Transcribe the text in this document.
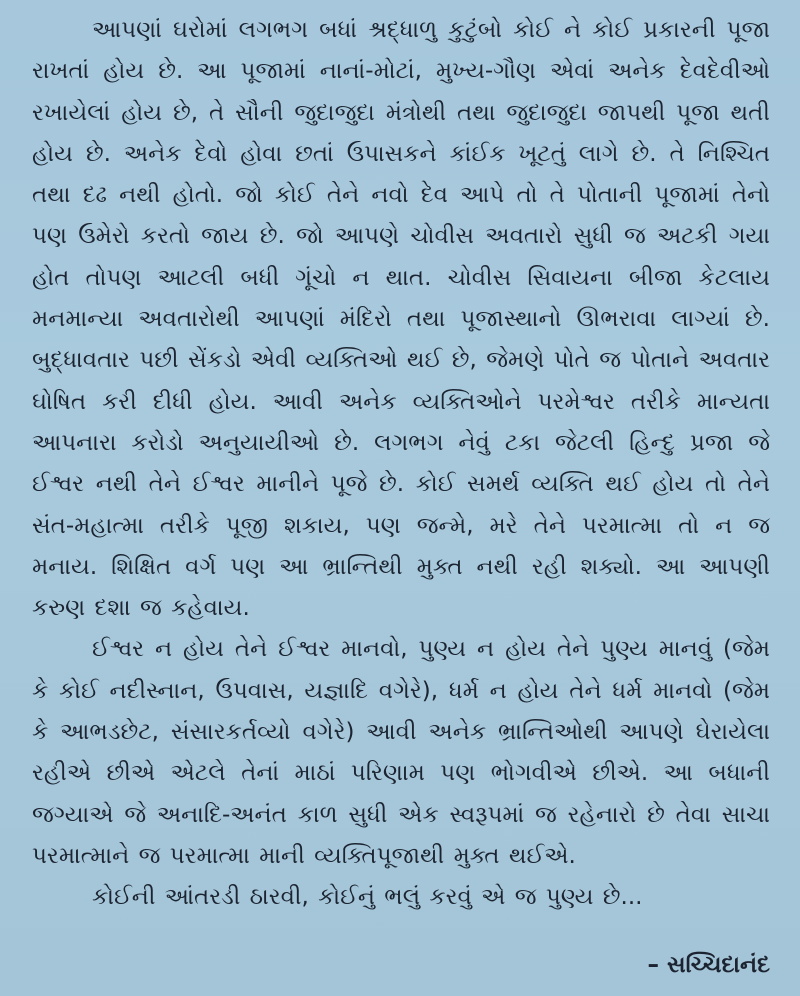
આપણાં ઘરોમાં લગભગ બધાં શ્રદ્ધાળુ કુટુંબો કોઈ ને કોઈ પ્રકારની પૂજા રાખતાં હોય છે. આ પૂજામાં નાનાં-મોટાં, મુખ્ય-ગૌણ એવાં અનેક દેવદેવીઓ રખાયેલાં હોય છે, તે સૌની જુદાજુદા મંત્રોથી તથા જુદાજુદા જાપથી પૂજા થતી હોય છે. અનેક દેવો હોવા છતાં ઉપાસકને કાંઈક ખૂટતું લાગે છે. તે નિશ્ચિત તથા દઢ નથી હોતો. જો કોઈ તેને નવો દેવ આપે તો તે પોતાની પૂજામાં તેનો પણ ઉમેરો કરતો જાય છે. જો આપણે ચોવીસ અવતારો સુધી જ અટકી ગયા હોત તોપણ આટલી બધી ગૂંચો ન થાત. ચોવીસ સિવાયના બીજા કેટલાય મનમાન્યા અવતારોથી આપણાં મંદિરો તથા પૂજાસ્થાનો ઊભરાવા લાગ્યાં છે. બુદ્ધાવતાર પછી સેંકડો એવી વ્યક્તિઓ થઈ છે, જેમણે પોતે જ પોતાને અવતાર ઘોષિત કરી દીધી હોય. આવી અનેક વ્યક્તિઓને પરમેશ્વર તરીકે માન્યતા આપનારા કરોડો અનુયાયીઓ છે. લગભગ નેવું ટકા જેટલી હિન્દુ પ્રજા જે ઈશ્વર નથી તેને ઈશ્વર માનીને પૂજે છે. કોઈ સમર્થ વ્યક્તિ થઈ હોય તો તેને સંત-મહાત્મા તરીકે પૂજી શકાય, પણ જન્મે, મરે તેને પરમાત્મા તો ન જ મનાય. શિક્ષિત વર્ગ પણ આ ભ્રાન્તિથી મુક્ત નથી રહી શક્યો. આ આપણી કરુણ દશા જ કહેવાય.

ઈશ્વર ન હોય તેને ઈશ્વર માનવો, પુણ્ય ન હોય તેને પુણ્ય માનવું (જેમ કે કોઈ નદીસ્નાન, ઉપવાસ, યજ્ઞાદિ વગેરે), ધર્મ ન હોય તેને ધર્મ માનવો (જેમ કે આભડછેટ, સંસારકર્તવ્યો વગેરે) આવી અનેક ભ્રાન્તિઓથી આપણે ઘેરાયેલા રહીએ છીએ એટલે તેનાં માઠાં પરિણામ પણ ભોગવીએ છીએ. આ બધાની જગ્યાએ જે અનાદિ-અનંત કાળ સુધી એક સ્વરૂપમાં જ રહેનારો છે તેવા સાચા પરમાત્માને જ પરમાત્મા માની વ્યક્તિપૂજાથી મુક્ત થઈએ.

કોઈની આંતરડી ઠારવી, કોઈનું ભલું કરવું એ જ પુણ્ય છે...

– સચ્ચિદાનંદ
